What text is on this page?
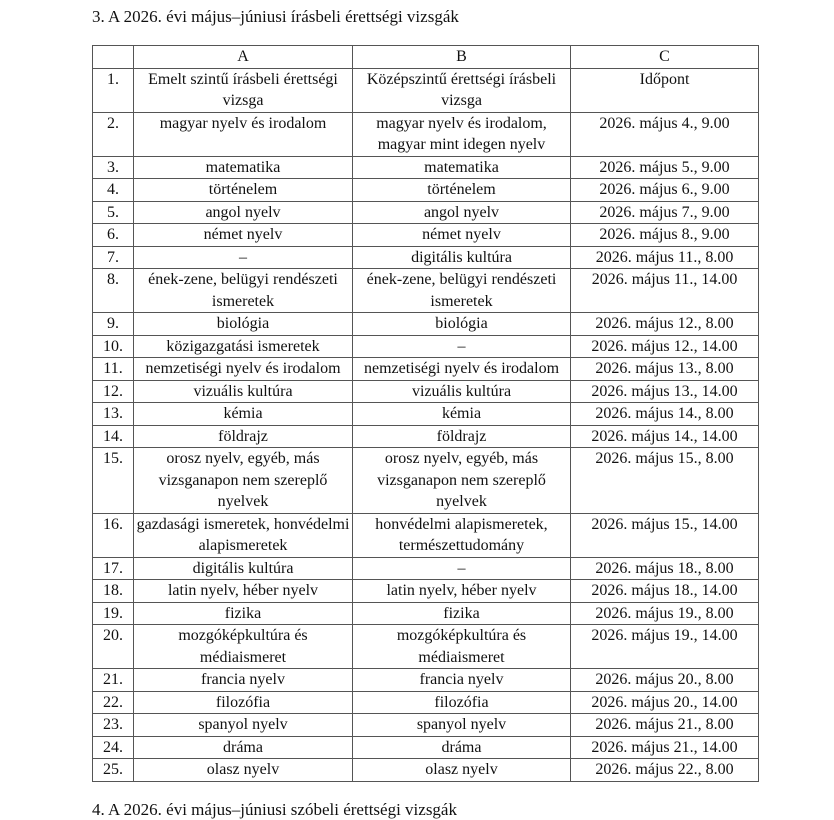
3. A 2026. évi május–júniusi írásbeli érettségi vizsgák
	A	B	C
1.	Emelt szintű írásbeli érettségi vizsga	Középszintű érettségi írásbeli vizsga	Időpont
2.	magyar nyelv és irodalom	magyar nyelv és irodalom, magyar mint idegen nyelv	2026. május 4., 9.00
3.	matematika	matematika	2026. május 5., 9.00
4.	történelem	történelem	2026. május 6., 9.00
5.	angol nyelv	angol nyelv	2026. május 7., 9.00
6.	német nyelv	német nyelv	2026. május 8., 9.00
7.	–	digitális kultúra	2026. május 11., 8.00
8.	ének-zene, belügyi rendészeti ismeretek	ének-zene, belügyi rendészeti ismeretek	2026. május 11., 14.00
9.	biológia	biológia	2026. május 12., 8.00
10.	közigazgatási ismeretek	–	2026. május 12., 14.00
11.	nemzetiségi nyelv és irodalom	nemzetiségi nyelv és irodalom	2026. május 13., 8.00
12.	vizuális kultúra	vizuális kultúra	2026. május 13., 14.00
13.	kémia	kémia	2026. május 14., 8.00
14.	földrajz	földrajz	2026. május 14., 14.00
15.	orosz nyelv, egyéb, más vizsganapon nem szereplő nyelvek	orosz nyelv, egyéb, más vizsganapon nem szereplő nyelvek	2026. május 15., 8.00
16.	gazdasági ismeretek, honvédelmi alapismeretek	honvédelmi alapismeretek, természettudomány	2026. május 15., 14.00
17.	digitális kultúra	–	2026. május 18., 8.00
18.	latin nyelv, héber nyelv	latin nyelv, héber nyelv	2026. május 18., 14.00
19.	fizika	fizika	2026. május 19., 8.00
20.	mozgóképkultúra és médiaismeret	mozgóképkultúra és médiaismeret	2026. május 19., 14.00
21.	francia nyelv	francia nyelv	2026. május 20., 8.00
22.	filozófia	filozófia	2026. május 20., 14.00
23.	spanyol nyelv	spanyol nyelv	2026. május 21., 8.00
24.	dráma	dráma	2026. május 21., 14.00
25.	olasz nyelv	olasz nyelv	2026. május 22., 8.00
4. A 2026. évi május–júniusi szóbeli érettségi vizsgák
